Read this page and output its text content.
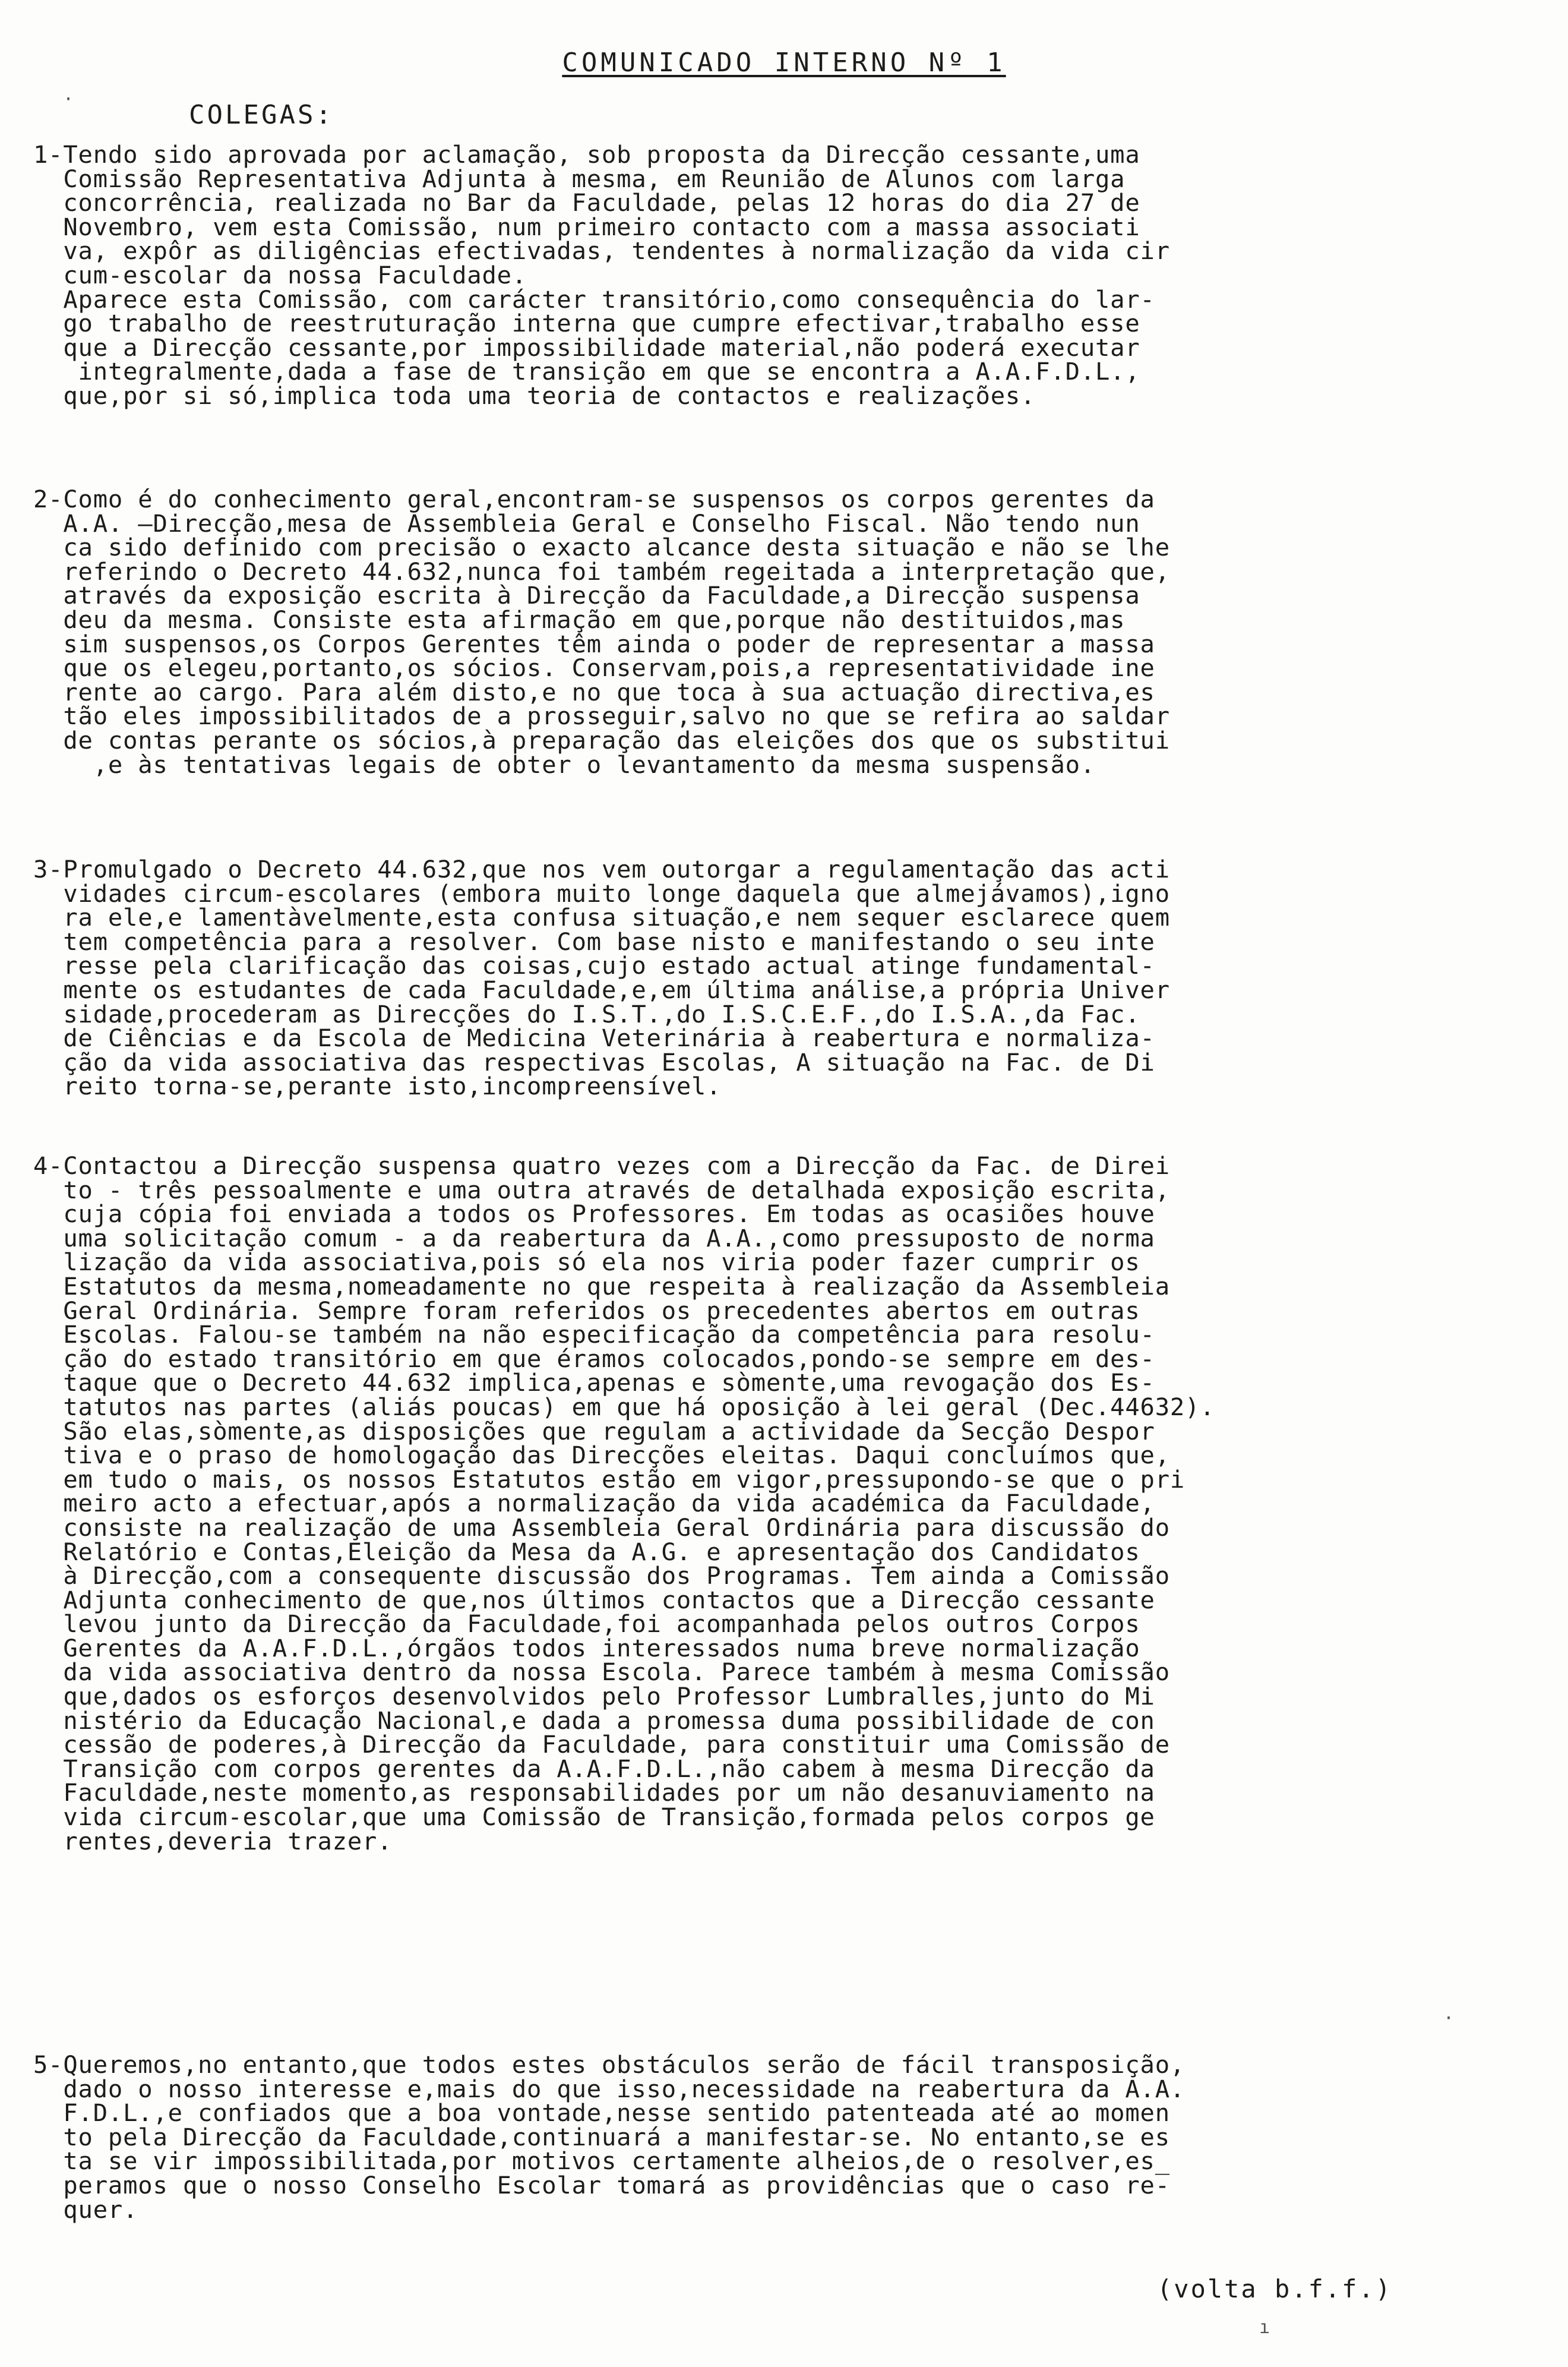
COMUNICADO INTERNO Nº 1
COLEGAS:
1-Tendo sido aprovada por aclamação, sob proposta da Direcção cessante,uma
Comissão Representativa Adjunta à mesma, em Reunião de Alunos com larga
concorrência, realizada no Bar da Faculdade, pelas 12 horas do dia 27 de
Novembro, vem esta Comissão, num primeiro contacto com a massa associati
va, expôr as diligências efectivadas, tendentes à normalização da vida cir
cum-escolar da nossa Faculdade.
Aparece esta Comissão, com carácter transitório,como consequência do lar-
go trabalho de reestruturação interna que cumpre efectivar,trabalho esse
que a Direcção cessante,por impossibilidade material,não poderá executar
integralmente,dada a fase de transição em que se encontra a A.A.F.D.L.,
que,por si só,implica toda uma teoria de contactos e realizações.
2-Como é do conhecimento geral,encontram-se suspensos os corpos gerentes da
A.A. —Direcção,mesa de Assembleia Geral e Conselho Fiscal. Não tendo nun
ca sido definido com precisão o exacto alcance desta situação e não se lhe
referindo o Decreto 44.632,nunca foi também regeitada a interpretação que,
através da exposição escrita à Direcção da Faculdade,a Direcção suspensa
deu da mesma. Consiste esta afirmação em que,porque não destituidos,mas
sim suspensos,os Corpos Gerentes têm ainda o poder de representar a massa
que os elegeu,portanto,os sócios. Conservam,pois,a representatividade ine
rente ao cargo. Para além disto,e no que toca à sua actuação directiva,es
tão eles impossibilitados de a prosseguir,salvo no que se refira ao saldar
de contas perante os sócios,à preparação das eleições dos que os substitui
,e às tentativas legais de obter o levantamento da mesma suspensão.
3-Promulgado o Decreto 44.632,que nos vem outorgar a regulamentação das acti
vidades circum-escolares (embora muito longe daquela que almejávamos),igno
ra ele,e lamentàvelmente,esta confusa situação,e nem sequer esclarece quem
tem competência para a resolver. Com base nisto e manifestando o seu inte
resse pela clarificação das coisas,cujo estado actual atinge fundamental-
mente os estudantes de cada Faculdade,e,em última análise,a própria Univer
sidade,procederam as Direcções do I.S.T.,do I.S.C.E.F.,do I.S.A.,da Fac.
de Ciências e da Escola de Medicina Veterinária à reabertura e normaliza-
ção da vida associativa das respectivas Escolas, A situação na Fac. de Di
reito torna-se,perante isto,incompreensível.
4-Contactou a Direcção suspensa quatro vezes com a Direcção da Fac. de Direi
to - três pessoalmente e uma outra através de detalhada exposição escrita,
cuja cópia foi enviada a todos os Professores. Em todas as ocasiões houve
uma solicitação comum - a da reabertura da A.A.,como pressuposto de norma
lização da vida associativa,pois só ela nos viria poder fazer cumprir os
Estatutos da mesma,nomeadamente no que respeita à realização da Assembleia
Geral Ordinária. Sempre foram referidos os precedentes abertos em outras
Escolas. Falou-se também na não especificação da competência para resolu-
ção do estado transitório em que éramos colocados,pondo-se sempre em des-
taque que o Decreto 44.632 implica,apenas e sòmente,uma revogação dos Es-
tatutos nas partes (aliás poucas) em que há oposição à lei geral (Dec.44632).
São elas,sòmente,as disposições que regulam a actividade da Secção Despor
tiva e o praso de homologação das Direcções eleitas. Daqui concluímos que,
em tudo o mais, os nossos Estatutos estão em vigor,pressupondo-se que o pri
meiro acto a efectuar,após a normalização da vida académica da Faculdade,
consiste na realização de uma Assembleia Geral Ordinária para discussão do
Relatório e Contas,Eleição da Mesa da A.G. e apresentação dos Candidatos
à Direcção,com a consequente discussão dos Programas. Tem ainda a Comissão
Adjunta conhecimento de que,nos últimos contactos que a Direcção cessante
levou junto da Direcção da Faculdade,foi acompanhada pelos outros Corpos
Gerentes da A.A.F.D.L.,órgãos todos interessados numa breve normalização
da vida associativa dentro da nossa Escola. Parece também à mesma Comissão
que,dados os esforços desenvolvidos pelo Professor Lumbralles,junto do Mi
nistério da Educação Nacional,e dada a promessa duma possibilidade de con
cessão de poderes,à Direcção da Faculdade, para constituir uma Comissão de
Transição com corpos gerentes da A.A.F.D.L.,não cabem à mesma Direcção da
Faculdade,neste momento,as responsabilidades por um não desanuviamento na
vida circum-escolar,que uma Comissão de Transição,formada pelos corpos ge
rentes,deveria trazer.
5-Queremos,no entanto,que todos estes obstáculos serão de fácil transposição,
dado o nosso interesse e,mais do que isso,necessidade na reabertura da A.A.
F.D.L.,e confiados que a boa vontade,nesse sentido patenteada até ao momen
to pela Direcção da Faculdade,continuará a manifestar-se. No entanto,se es
ta se vir impossibilitada,por motivos certamente alheios,de o resolver,es_
peramos que o nosso Conselho Escolar tomará as providências que o caso re-
quer.
(volta b.f.f.)
·
·
ı
